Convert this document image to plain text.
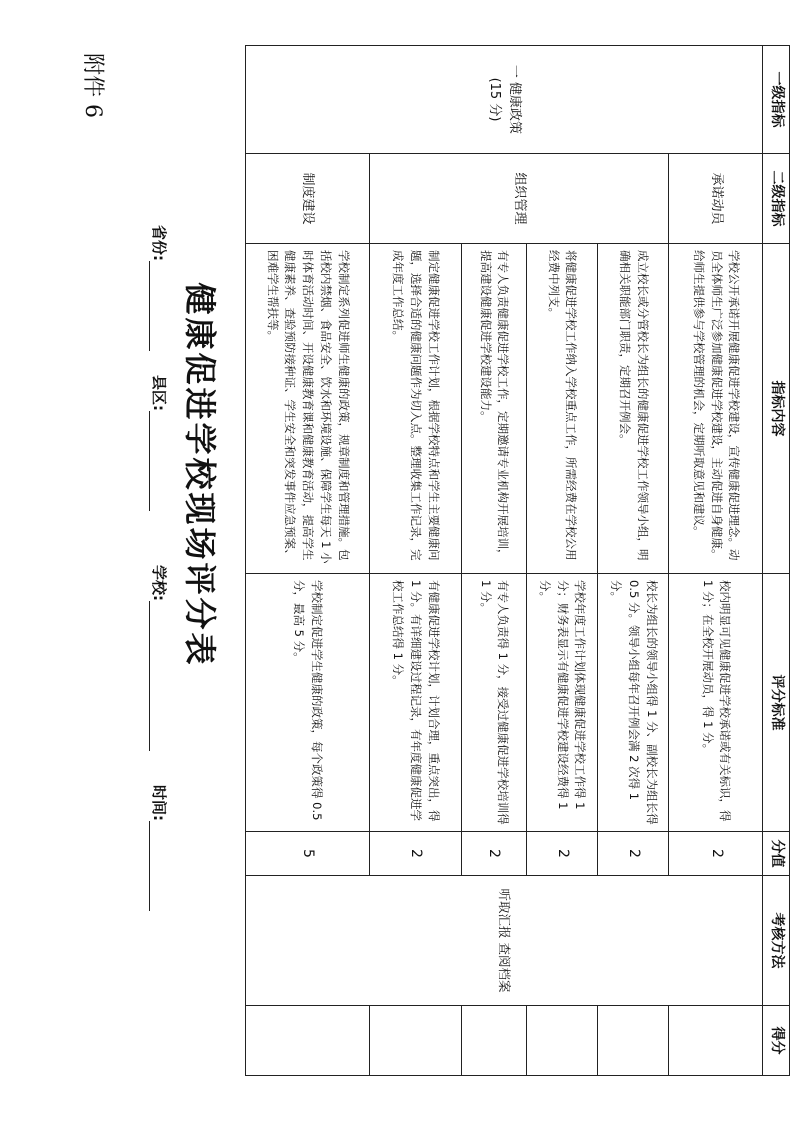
一级指标	二级指标	指标内容	评分标准	分值	考核方法	得分

一 健康政策
(15 分)	承诺动员	学校公开承诺开展健康促进学校建设，宣传健康促进理念。动员全体师生广泛参加健康促进学校建设，主动促进自身健康。给师生提供参与学校管理的机会，定期听取意见和建议。	校内明显可见健康促进学校承诺或有关标识，得 1 分；在全校开展动员，得 1 分。	2	听取汇报 查阅档案	
	组织管理	成立校长或分管校长为组长的健康促进学校工作领导小组，明确相关职能部门职责，定期召开例会。	校长为组长的领导小组得 1 分、副校长为组长得 0.5 分。领导小组每年召开例会满 2 次得 1 分。	2		
		将健康促进学校工作纳入学校重点工作，所需经费在学校公用经费中列支。	学校年度工作计划体现健康促进学校工作得 1 分；财务表显示有健康促进学校建设经费得 1 分。	2		
		有专人负责健康促进学校工作，定期邀请专业机构开展培训，提高建设健康促进学校建设能力。	有专人负责得 1 分，接受过健康促进学校培训得 1 分。	2		
		制定健康促进学校工作计划，根据学校特点和学生主要健康问题，选择合适的健康问题作为切入点。整理收集工作记录，完成年度工作总结。	有健康促进学校计划，计划合理，重点突出，得 1 分。有详细建设过程记录，有年度健康促进学校工作总结得 1 分。	2		
	制度建设	学校制定系列促进师生健康的政策，规章制度和管理措施。包括校内禁烟、食品安全、饮水和环境设施、保障学生每天 1 小时体育活动时间、开设健康教育课和健康教育活动，提高学生健康素养、查验预防接种证、学生安全和突发事件应急预案、困难学生帮扶等。	学校制定促进学生健康的政策，每个政策得 0.5 分，最高 5 分。	5		
省份:
县区:
学校:
时间:
健康促进学校现场评分表
附件 6
